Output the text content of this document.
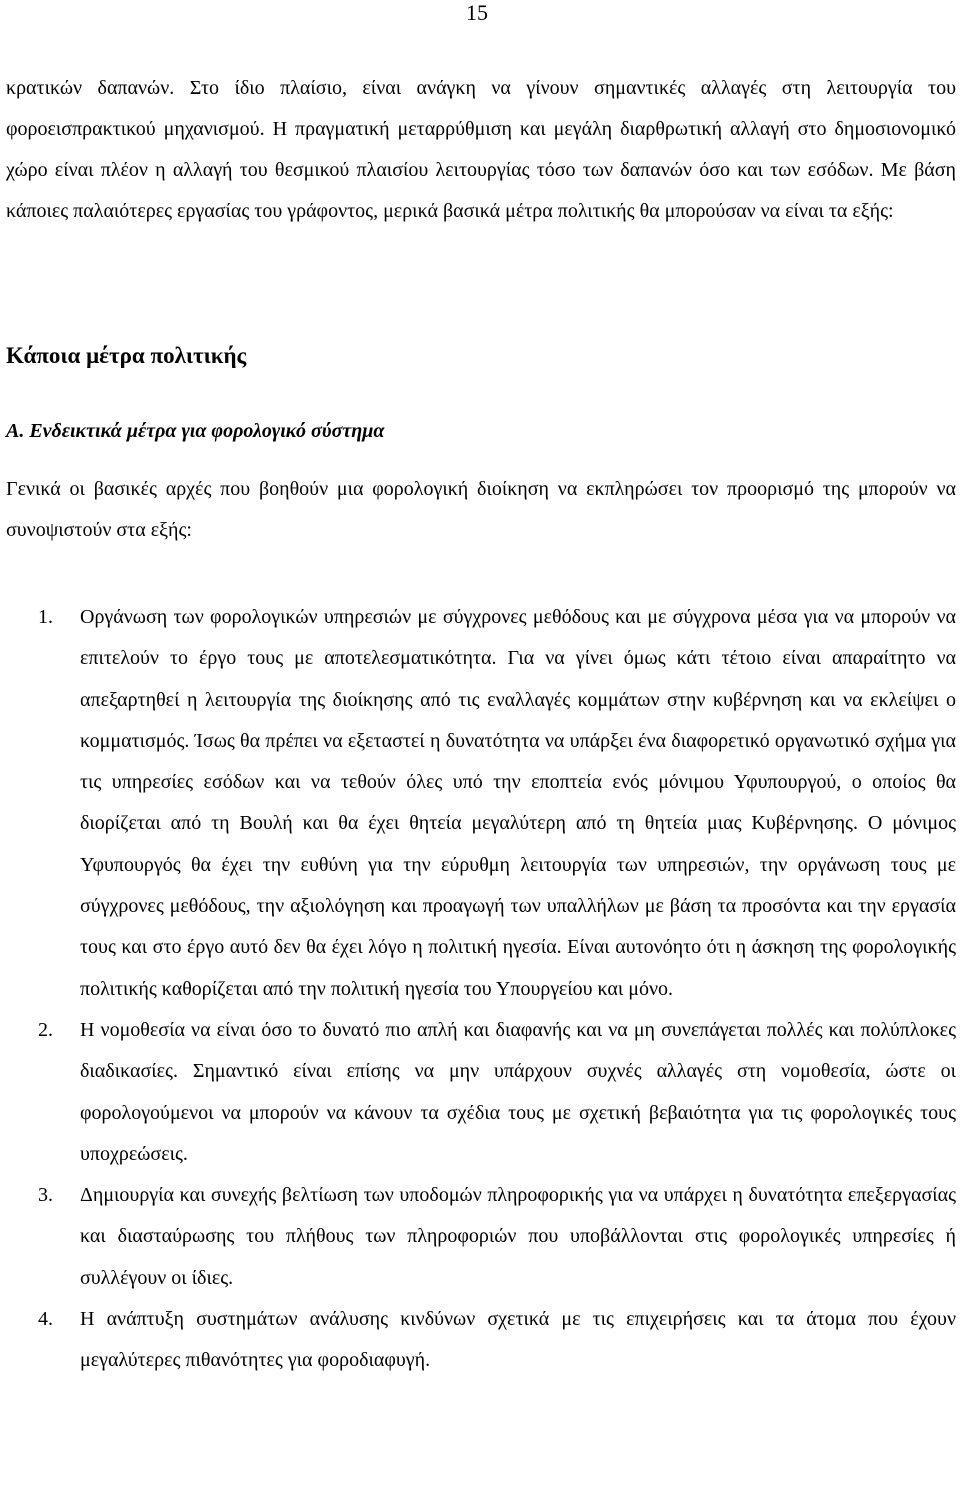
15

κρατικών δαπανών. Στο ίδιο πλαίσιο, είναι ανάγκη να γίνουν σημαντικές αλλαγές στη λειτουργία του φοροεισπρακτικού μηχανισμού. Η πραγματική μεταρρύθμιση και μεγάλη διαρθρωτική αλλαγή στο δημοσιονομικό χώρο είναι πλέον η αλλαγή του θεσμικού πλαισίου λειτουργίας τόσο των δαπανών όσο και των εσόδων. Με βάση κάποιες παλαιότερες εργασίας του γράφοντος, μερικά βασικά μέτρα πολιτικής θα μπορούσαν να είναι τα εξής:

Κάποια μέτρα πολιτικής
Α. Ενδεικτικά μέτρα για φορολογικό σύστημα

Γενικά οι βασικές αρχές που βοηθούν μια φορολογική διοίκηση να εκπληρώσει τον προορισμό της μπορούν να συνοψιστούν στα εξής:

1. Οργάνωση των φορολογικών υπηρεσιών με σύγχρονες μεθόδους και με σύγχρονα μέσα για να μπορούν να επιτελούν το έργο τους με αποτελεσματικότητα. Για να γίνει όμως κάτι τέτοιο είναι απαραίτητο να απεξαρτηθεί η λειτουργία της διοίκησης από τις εναλλαγές κομμάτων στην κυβέρνηση και να εκλείψει ο κομματισμός. Ίσως θα πρέπει να εξεταστεί η δυνατότητα να υπάρξει ένα διαφορετικό οργανωτικό σχήμα για τις υπηρεσίες εσόδων και να τεθούν όλες υπό την εποπτεία ενός μόνιμου Υφυπουργού, ο οποίος θα διορίζεται από τη Βουλή και θα έχει θητεία μεγαλύτερη από τη θητεία μιας Κυβέρνησης. Ο μόνιμος Υφυπουργός θα έχει την ευθύνη για την εύρυθμη λειτουργία των υπηρεσιών, την οργάνωση τους με σύγχρονες μεθόδους, την αξιολόγηση και προαγωγή των υπαλλήλων με βάση τα προσόντα και την εργασία τους και στο έργο αυτό δεν θα έχει λόγο η πολιτική ηγεσία. Είναι αυτονόητο ότι η άσκηση της φορολογικής πολιτικής καθορίζεται από την πολιτική ηγεσία του Υπουργείου και μόνο.
2. Η νομοθεσία να είναι όσο το δυνατό πιο απλή και διαφανής και να μη συνεπάγεται πολλές και πολύπλοκες διαδικασίες. Σημαντικό είναι επίσης να μην υπάρχουν συχνές αλλαγές στη νομοθεσία, ώστε οι φορολογούμενοι να μπορούν να κάνουν τα σχέδια τους με σχετική βεβαιότητα για τις φορολογικές τους υποχρεώσεις.
3. Δημιουργία και συνεχής βελτίωση των υποδομών πληροφορικής για να υπάρχει η δυνατότητα επεξεργασίας και διασταύρωσης του πλήθους των πληροφοριών που υποβάλλονται στις φορολογικές υπηρεσίες ή συλλέγουν οι ίδιες.
4. Η ανάπτυξη συστημάτων ανάλυσης κινδύνων σχετικά με τις επιχειρήσεις και τα άτομα που έχουν μεγαλύτερες πιθανότητες για φοροδιαφυγή.
